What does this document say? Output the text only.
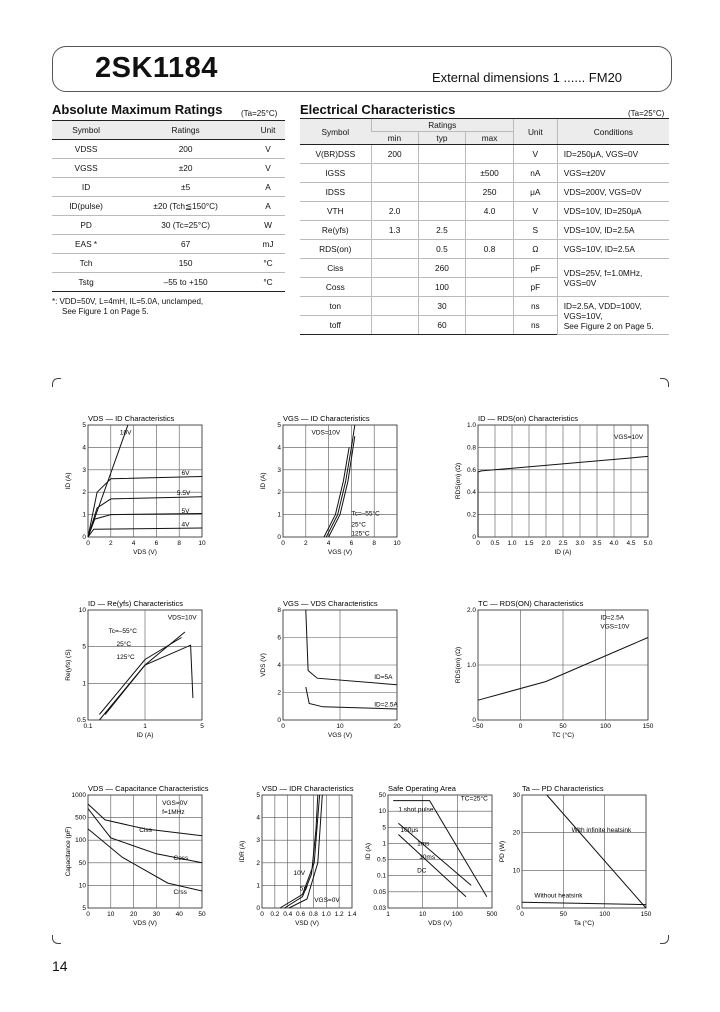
2SK1184	External dimensions 1 ...... FM20
Absolute Maximum Ratings (Ta=25°C)
Symbol	Ratings	Unit
VDSS	200	V
VGSS	±20	V
ID	±5	A
ID(pulse)	±20 (Tch≦150°C)	A
PD	30 (Tc=25°C)	W
EAS *	67	mJ
Tch	150	°C
Tstg	–55 to +150	°C
*: VDD=50V, L=4mH, IL=5.0A, unclamped,
See Figure 1 on Page 5.
Electrical Characteristics	(Ta=25°C)
Symbol	Ratings			Unit	Conditions
	min	typ	max		
V(BR)DSS	200			V	ID=250μA, VGS=0V
IGSS			±500	nA	VGS=±20V
IDSS			250	μA	VDS=200V, VGS=0V
VTH	2.0		4.0	V	VDS=10V, ID=250μA
Re(yfs)	1.3	2.5		S	VDS=10V, ID=2.5A
RDS(on)		0.5	0.8	Ω	VGS=10V, ID=2.5A
Ciss		260		pF	VDS=25V, f=1.0MHz,
VGS=0V

Coss		100		pF	
ton		30		ns	ID=2.5A, VDD=100V,
VGS=10V,
See Figure 2 on Page 5.

toff		60		ns	
VDS — ID Characteristics
0	2	4	6	8	10
0
1
2
3
4
5
VDS (V)
ID (A)
10V
6V
5.5V
5V
4V
VGS — ID Characteristics
0	2	4	6	8	10
0
1
2
3
4
5
VGS (V)
ID (A)
VDS=10V
Tc=–55°C
25°C
125°C
ID — RDS(on) Characteristics
0 0.5 1.0 1.5 2.0 2.5 3.0 3.5 4.0 4.5 5.0
0
0.2
0.4
0.6
0.8
1.0
ID (A)
RDS(on) (Ω)
VGS=10V
ID — Re(yfs) Characteristics
0.1	1	5
0.5
1
5
10
ID (A)
Re(yfs) (S)
VDS=10V
Tc=–55°C
25°C
125°C
VGS — VDS Characteristics
0	10	20
0
2
4
6
8
VGS (V)
VDS (V)
ID=5A
ID=2.5A
TC — RDS(ON) Characteristics
–50	0	50	100	150
0
1.0
2.0
TC (°C)
RDS(on) (Ω)
ID=2.5A
VGS=10V
VDS — Capacitance Characteristics
0	10 20 30 40 50
5
10
50
100
500
1000
VDS (V)
Capacitance (pF)
VGS=0V
f=1MHz
Ciss
Coss
Crss
VSD — IDR Characteristics
0 0.2 0.4 0.6 0.8 1.0 1.2 1.4
0
1
2
3
4
5
VSD (V)
IDR (A)
10V
5V
VGS=0V
Safe Operating Area
1	10	100	500
0.03
0.05
0.1
0.5
1
5
10
50
VDS (V)
ID (A)
TC=25°C
1 shot pulse
100μs
1ms
10ms
DC
Ta — PD Characteristics
0	50	100	150
0
10
20
30
Ta (°C)
PD (W)
With infinite heatsink
Without heatsink
14
